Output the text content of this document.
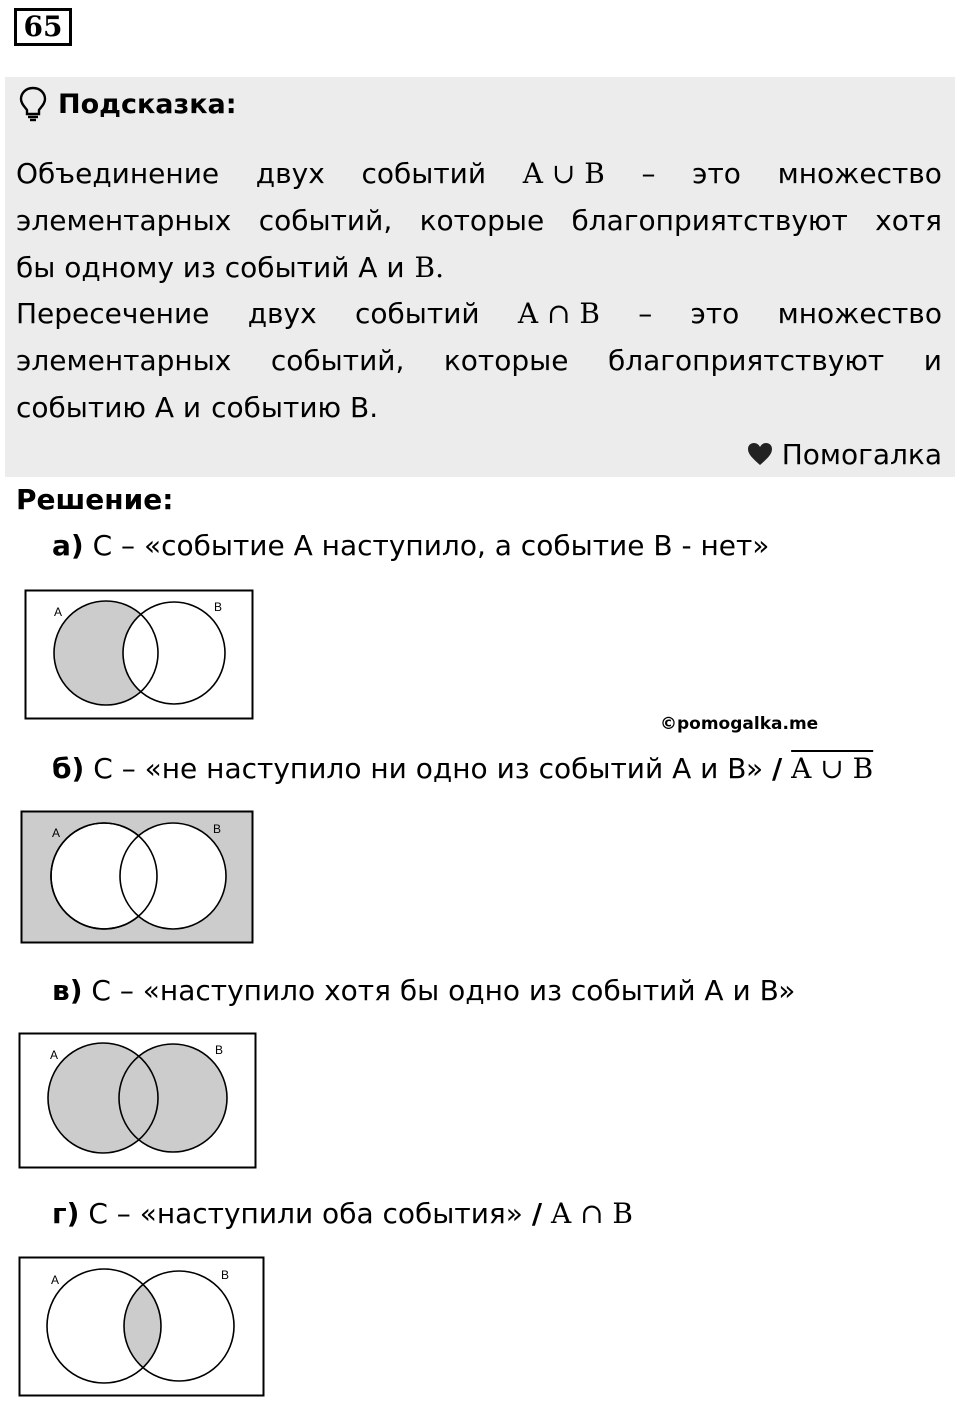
65
Подсказка:
Объединение двух событий A ∪ B – это множество
элементарных событий, которые благоприятствуют хотя
бы одному из событий A и B.
Пересечение двух событий A ∩ B – это множество
элементарных событий, которые благоприятствуют и
событию A и событию B.
Помогалка
Решение:
а) C – «событие A наступило, а событие B - нет»
A	B
©pomogalka.me
б) C – «не наступило ни одно из событий A и B» / A ∪ B
A	B
в) C – «наступило хотя бы одно из событий A и B»
A	B
г) C – «наступили оба события» / A ∩ B
A	B
